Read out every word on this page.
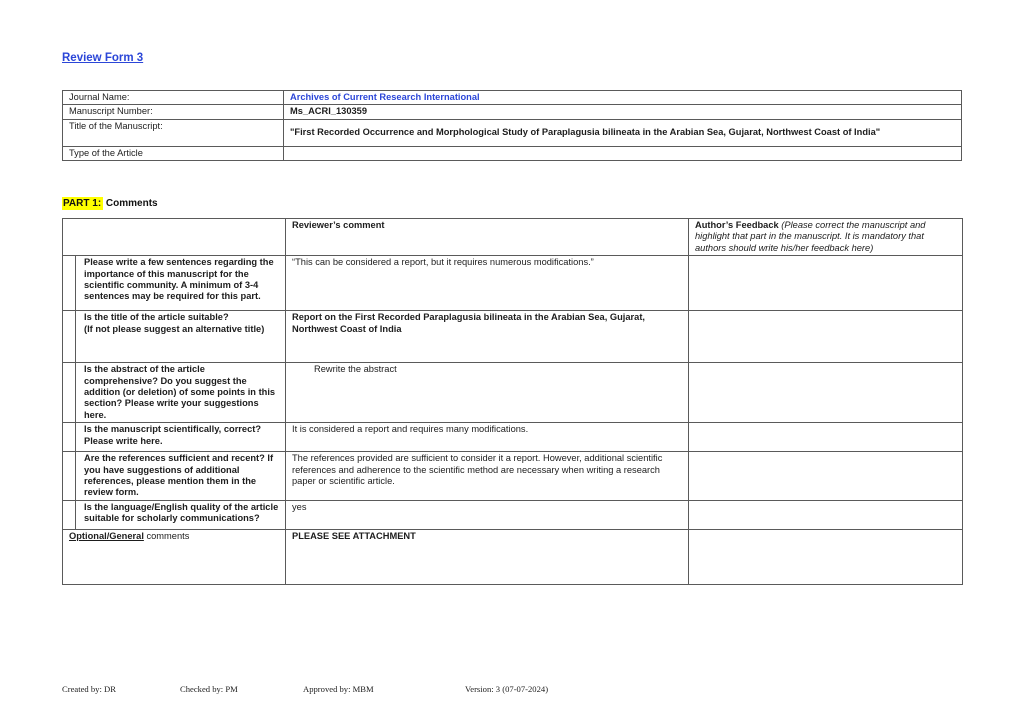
Review Form 3
Journal Name:	Archives of Current Research International
Manuscript Number:	Ms_ACRI_130359
Title of the Manuscript:	"First Recorded Occurrence and Morphological Study of Paraplagusia bilineata in the Arabian Sea, Gujarat, Northwest Coast of India"
Type of the Article	
PART 1: Comments
		Reviewer’s comment	Author’s Feedback (Please correct the manuscript and highlight that part in the manuscript. It is mandatory that authors should write his/her feedback here)
	Please write a few sentences regarding the importance of this manuscript for the scientific community. A minimum of 3-4 sentences may be required for this part.	“This can be considered a report, but it requires numerous modifications.”	

	Is the title of the article suitable?
(If not please suggest an alternative title)	Report on the First Recorded Paraplagusia bilineata in the Arabian Sea, Gujarat, Northwest Coast of India	
	Is the abstract of the article comprehensive? Do you suggest the addition (or deletion) of some points in this section? Please write your suggestions here.	Rewrite the abstract	
	Is the manuscript scientifically, correct? Please write here.	It is considered a report and requires many modifications.	
	Are the references sufficient and recent? If you have suggestions of additional references, please mention them in the review form.	The references provided are sufficient to consider it a report. However, additional scientific references and adherence to the scientific method are necessary when writing a research paper or scientific article.	
	Is the language/English quality of the article suitable for scholarly communications?	yes	
Optional/General comments		PLEASE SEE ATTACHMENT	
Created by: DR	Checked by: PM	Approved by: MBM	Version: 3 (07-07-2024)
